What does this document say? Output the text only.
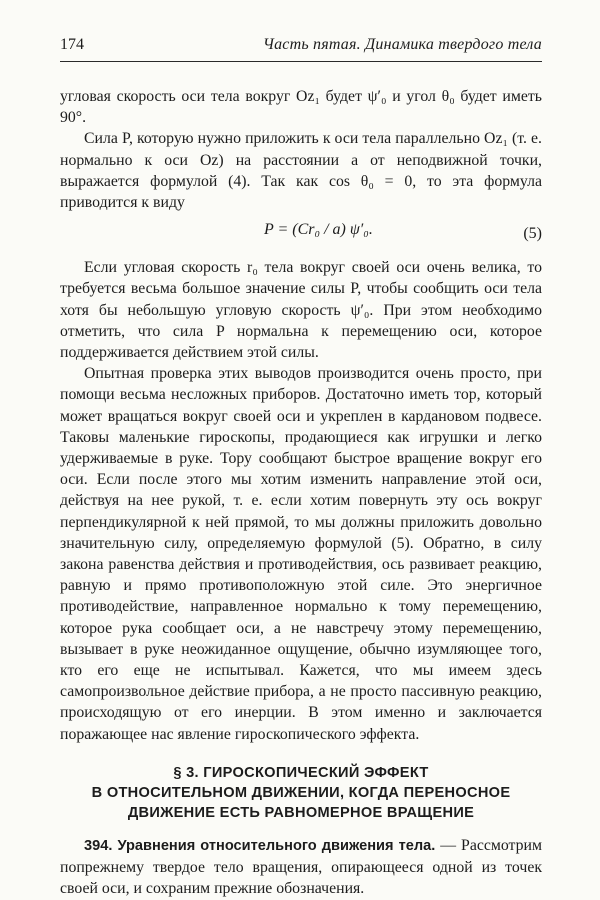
174	Часть пятая. Динамика твердого тела

угловая скорость оси тела вокруг Oz₁ будет ψ′₀ и угол θ₀ будет иметь 90°.

Сила P, которую нужно приложить к оси тела параллельно Oz₁ (т. е. нормально к оси Oz) на расстоянии a от неподвижной точки, выражается формулой (4). Так как cos θ₀ = 0, то эта формула приводится к виду

P = (Cr₀ / a) ψ′₀.	(5)

Если угловая скорость r₀ тела вокруг своей оси очень велика, то требуется весьма большое значение силы P, чтобы сообщить оси тела хотя бы небольшую угловую скорость ψ′₀. При этом необходимо отметить, что сила P нормальна к перемещению оси, которое поддерживается действием этой силы.

Опытная проверка этих выводов производится очень просто, при помощи весьма несложных приборов. Достаточно иметь тор, который может вращаться вокруг своей оси и укреплен в кардановом подвесе. Таковы маленькие гироскопы, продающиеся как игрушки и легко удерживаемые в руке. Тору сообщают быстрое вращение вокруг его оси. Если после этого мы хотим изменить направление этой оси, действуя на нее рукой, т. е. если хотим повернуть эту ось вокруг перпендикулярной к ней прямой, то мы должны приложить довольно значительную силу, определяемую формулой (5). Обратно, в силу закона равенства действия и противодействия, ось развивает реакцию, равную и прямо противоположную этой силе. Это энергичное противодействие, направленное нормально к тому перемещению, которое рука сообщает оси, а не навстречу этому перемещению, вызывает в руке неожиданное ощущение, обычно изумляющее того, кто его еще не испытывал. Кажется, что мы имеем здесь самопроизвольное действие прибора, а не просто пассивную реакцию, происходящую от его инерции. В этом именно и заключается поражающее нас явление гироскопического эффекта.

§ 3. ГИРОСКОПИЧЕСКИЙ ЭФФЕКТ
В ОТНОСИТЕЛЬНОМ ДВИЖЕНИИ, КОГДА ПЕРЕНОСНОЕ
ДВИЖЕНИЕ ЕСТЬ РАВНОМЕРНОЕ ВРАЩЕНИЕ

394. Уравнения относительного движения тела. — Рассмотрим попрежнему твердое тело вращения, опирающееся одной из точек своей оси, и сохраним прежние обозначения.
